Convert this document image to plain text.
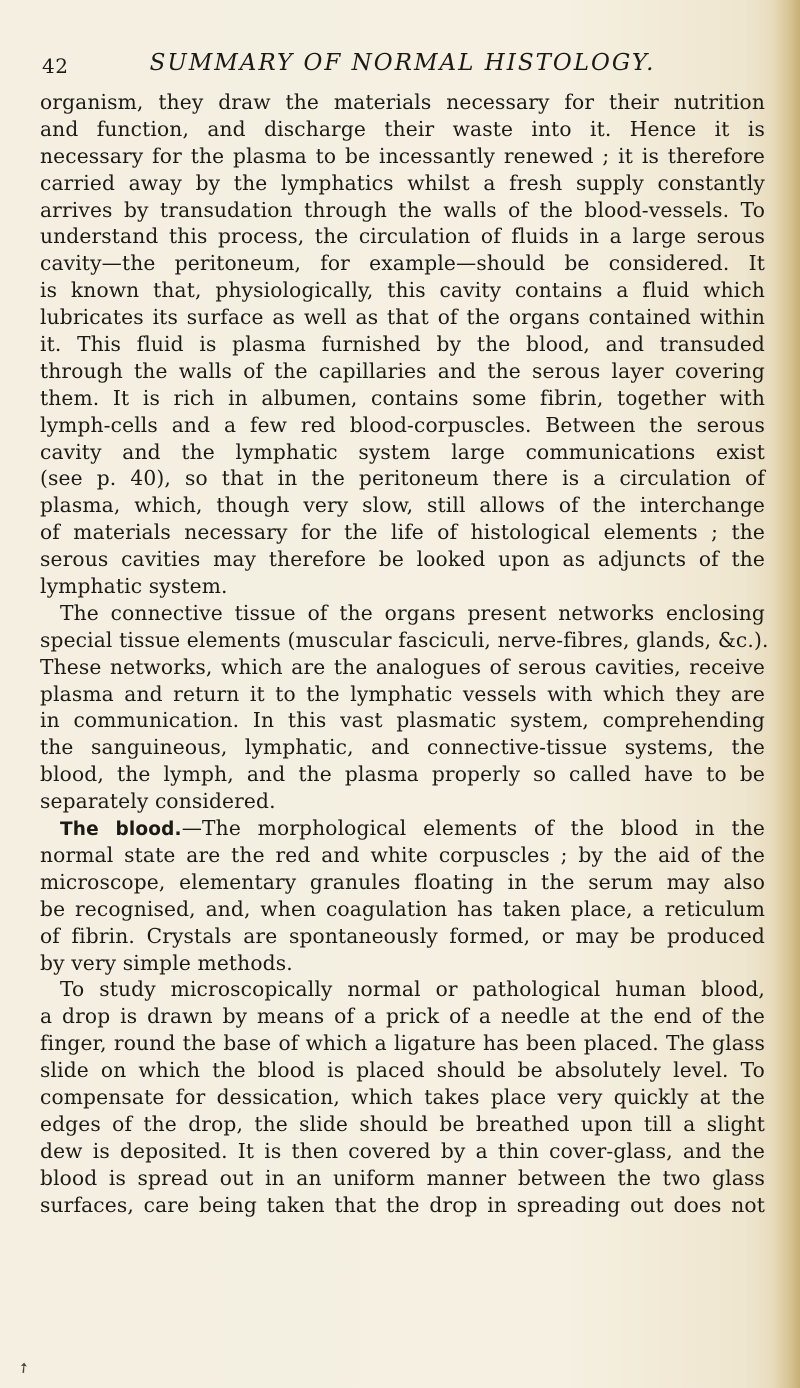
42	SUMMARY OF NORMAL HISTOLOGY.
organism, they draw the materials necessary for their nutrition
and function, and discharge their waste into it. Hence it is
necessary for the plasma to be incessantly renewed ; it is therefore
carried away by the lymphatics whilst a fresh supply constantly
arrives by transudation through the walls of the blood-vessels. To
understand this process, the circulation of fluids in a large serous
cavity—the peritoneum, for example—should be considered. It
is known that, physiologically, this cavity contains a fluid which
lubricates its surface as well as that of the organs contained within
it. This fluid is plasma furnished by the blood, and transuded
through the walls of the capillaries and the serous layer covering
them. It is rich in albumen, contains some fibrin, together with
lymph-cells and a few red blood-corpuscles. Between the serous
cavity and the lymphatic system large communications exist
(see p. 40), so that in the peritoneum there is a circulation of
plasma, which, though very slow, still allows of the interchange
of materials necessary for the life of histological elements ; the
serous cavities may therefore be looked upon as adjuncts of the
lymphatic system.
The connective tissue of the organs present networks enclosing
special tissue elements (muscular fasciculi, nerve-fibres, glands, &c.).
These networks, which are the analogues of serous cavities, receive
plasma and return it to the lymphatic vessels with which they are
in communication. In this vast plasmatic system, comprehending
the sanguineous, lymphatic, and connective-tissue systems, the
blood, the lymph, and the plasma properly so called have to be
separately considered.
The blood.—The morphological elements of the blood in the
normal state are the red and white corpuscles ; by the aid of the
microscope, elementary granules floating in the serum may also
be recognised, and, when coagulation has taken place, a reticulum
of fibrin. Crystals are spontaneously formed, or may be produced
by very simple methods.
To study microscopically normal or pathological human blood,
a drop is drawn by means of a prick of a needle at the end of the
finger, round the base of which a ligature has been placed. The glass
slide on which the blood is placed should be absolutely level. To
compensate for dessication, which takes place very quickly at the
edges of the drop, the slide should be breathed upon till a slight
dew is deposited. It is then covered by a thin cover-glass, and the
blood is spread out in an uniform manner between the two glass
surfaces, care being taken that the drop in spreading out does not
➚
